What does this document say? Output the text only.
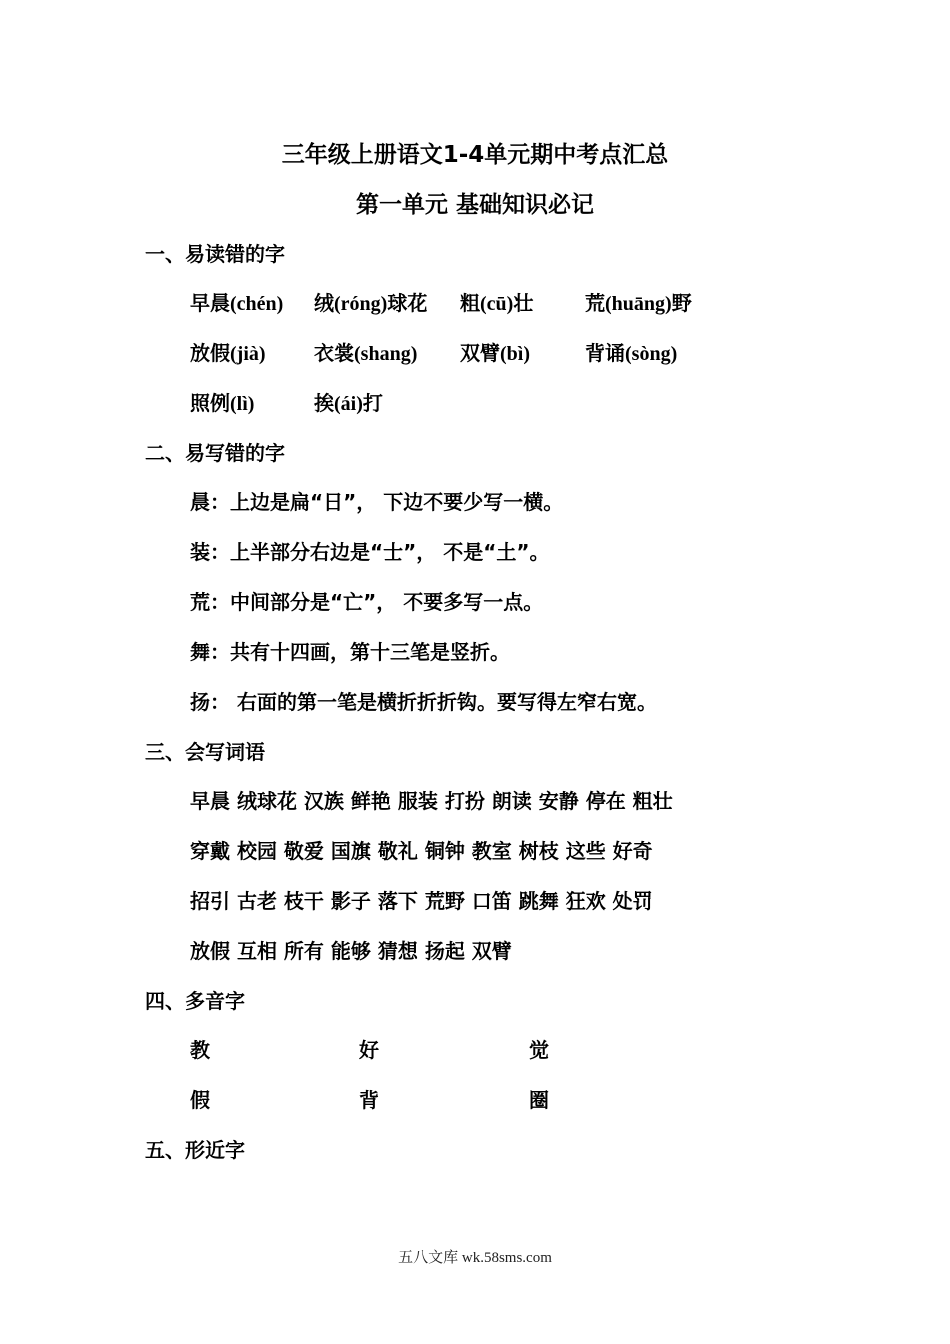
三年级上册语文1-4单元期中考点汇总
第一单元 基础知识必记
一、易读错的字
早晨(chén) 绒(róng)球花 粗(cū)壮	荒(huāng)野
放假(jià) 衣裳(shang) 双臂(bì)	背诵(sòng)
照例(lì)	挨(ái)打
二、易写错的字
晨：上边是扁“日”， 下边不要少写一横。
装：上半部分右边是“士”， 不是“土”。
荒：中间部分是“亡”， 不要多写一点。
舞：共有十四画，第十三笔是竖折。
扬： 右面的第一笔是横折折折钩。要写得左窄右宽。
三、会写词语
早晨 绒球花 汉族 鲜艳 服装 打扮 朗读 安静 停在 粗壮
穿戴 校园 敬爱 国旗 敬礼 铜钟 教室 树枝 这些 好奇
招引 古老 枝干 影子 落下 荒野 口笛 跳舞 狂欢 处罚
放假 互相 所有 能够 猜想 扬起 双臂
四、多音字
教	好	觉
假	背	圈
五、形近字
五八文库 wk.58sms.com
